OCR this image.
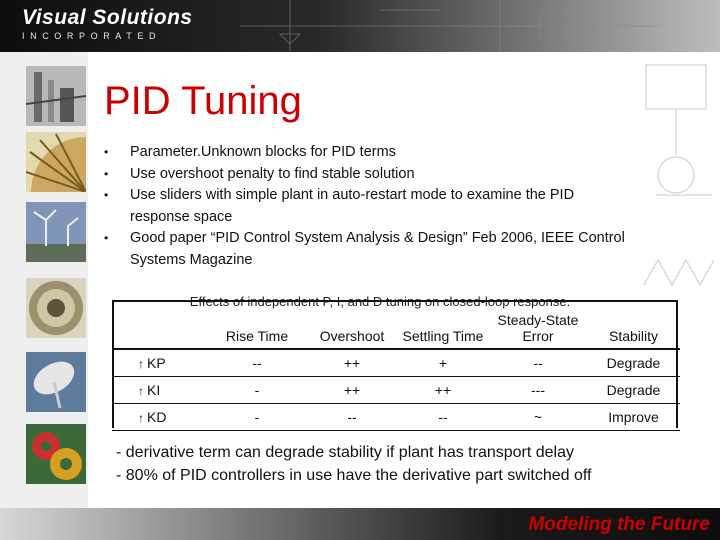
Visual Solutions
INCORPORATED
PID Tuning
• Parameter.Unknown blocks for PID terms
• Use overshoot penalty to find stable solution
• Use sliders with simple plant in auto-restart mode to examine the PID response space
• Good paper “PID Control System Analysis & Design” Feb 2006, IEEE Control Systems Magazine
Effects of independent P, I, and D tuning on closed-loop response.
	Rise Time	Overshoot	Settling Time	Steady-State Error	Stability
↑ KP	--	++	+	--	Degrade
↑ KI	-	++	++	---	Degrade
↑ KD	-	--	--	~	Improve
- derivative term can degrade stability if plant has transport delay
- 80% of PID controllers in use have the derivative part switched off
Modeling the Future
